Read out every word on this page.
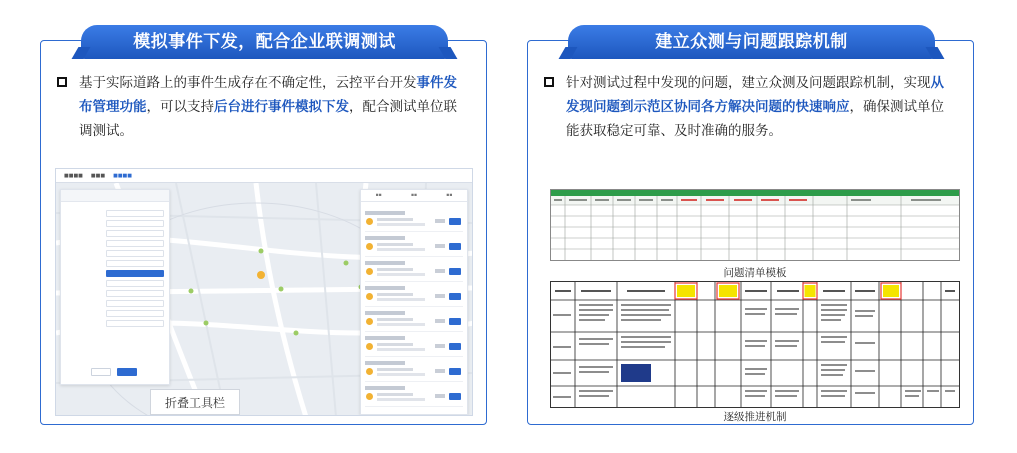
模拟事件下发，配合企业联调测试
基于实际道路上的事件生成存在不确定性，云控平台开发事件发布管理功能，可以支持后台进行事件模拟下发，配合测试单位联调测试。
■■■■ ■■■ ■■■■
▪▪	▪▪	▪▪
折叠工具栏
建立众测与问题跟踪机制
针对测试过程中发现的问题，建立众测及问题跟踪机制，实现从发现问题到示范区协同各方解决问题的快速响应，确保测试单位能获取稳定可靠、及时准确的服务。
问题清单模板
逐级推进机制
